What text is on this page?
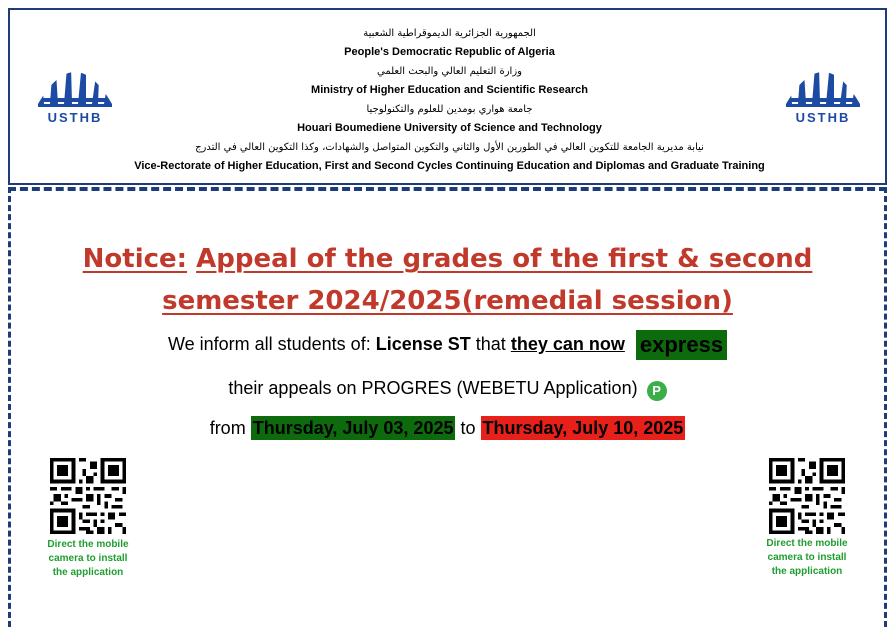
USTHB
الجمهورية الجزائرية الديموقراطية الشعبية
People's Democratic Republic of Algeria
وزارة التعليم العالي والبحث العلمي
Ministry of Higher Education and Scientific Research
جامعة هواري بومدين للعلوم والتكنولوجيا
Houari Boumediene University of Science and Technology
نيابة مديرية الجامعة للتكوين العالي في الطورين الأول والثاني والتكوين المتواصل والشهادات، وكذا التكوين العالي في التدرج
Vice-Rectorate of Higher Education, First and Second Cycles Continuing Education and Diplomas and Graduate Training
USTHB
Notice: Appeal of the grades of the first & second
semester 2024/2025(remedial session)
We inform all students of: License ST that they can now express
their appeals on PROGRES (WEBETU Application) P
from Thursday, July 03, 2025 to Thursday, July 10, 2025
Direct the mobile
camera to install
the application
Direct the mobile
camera to install
the application
